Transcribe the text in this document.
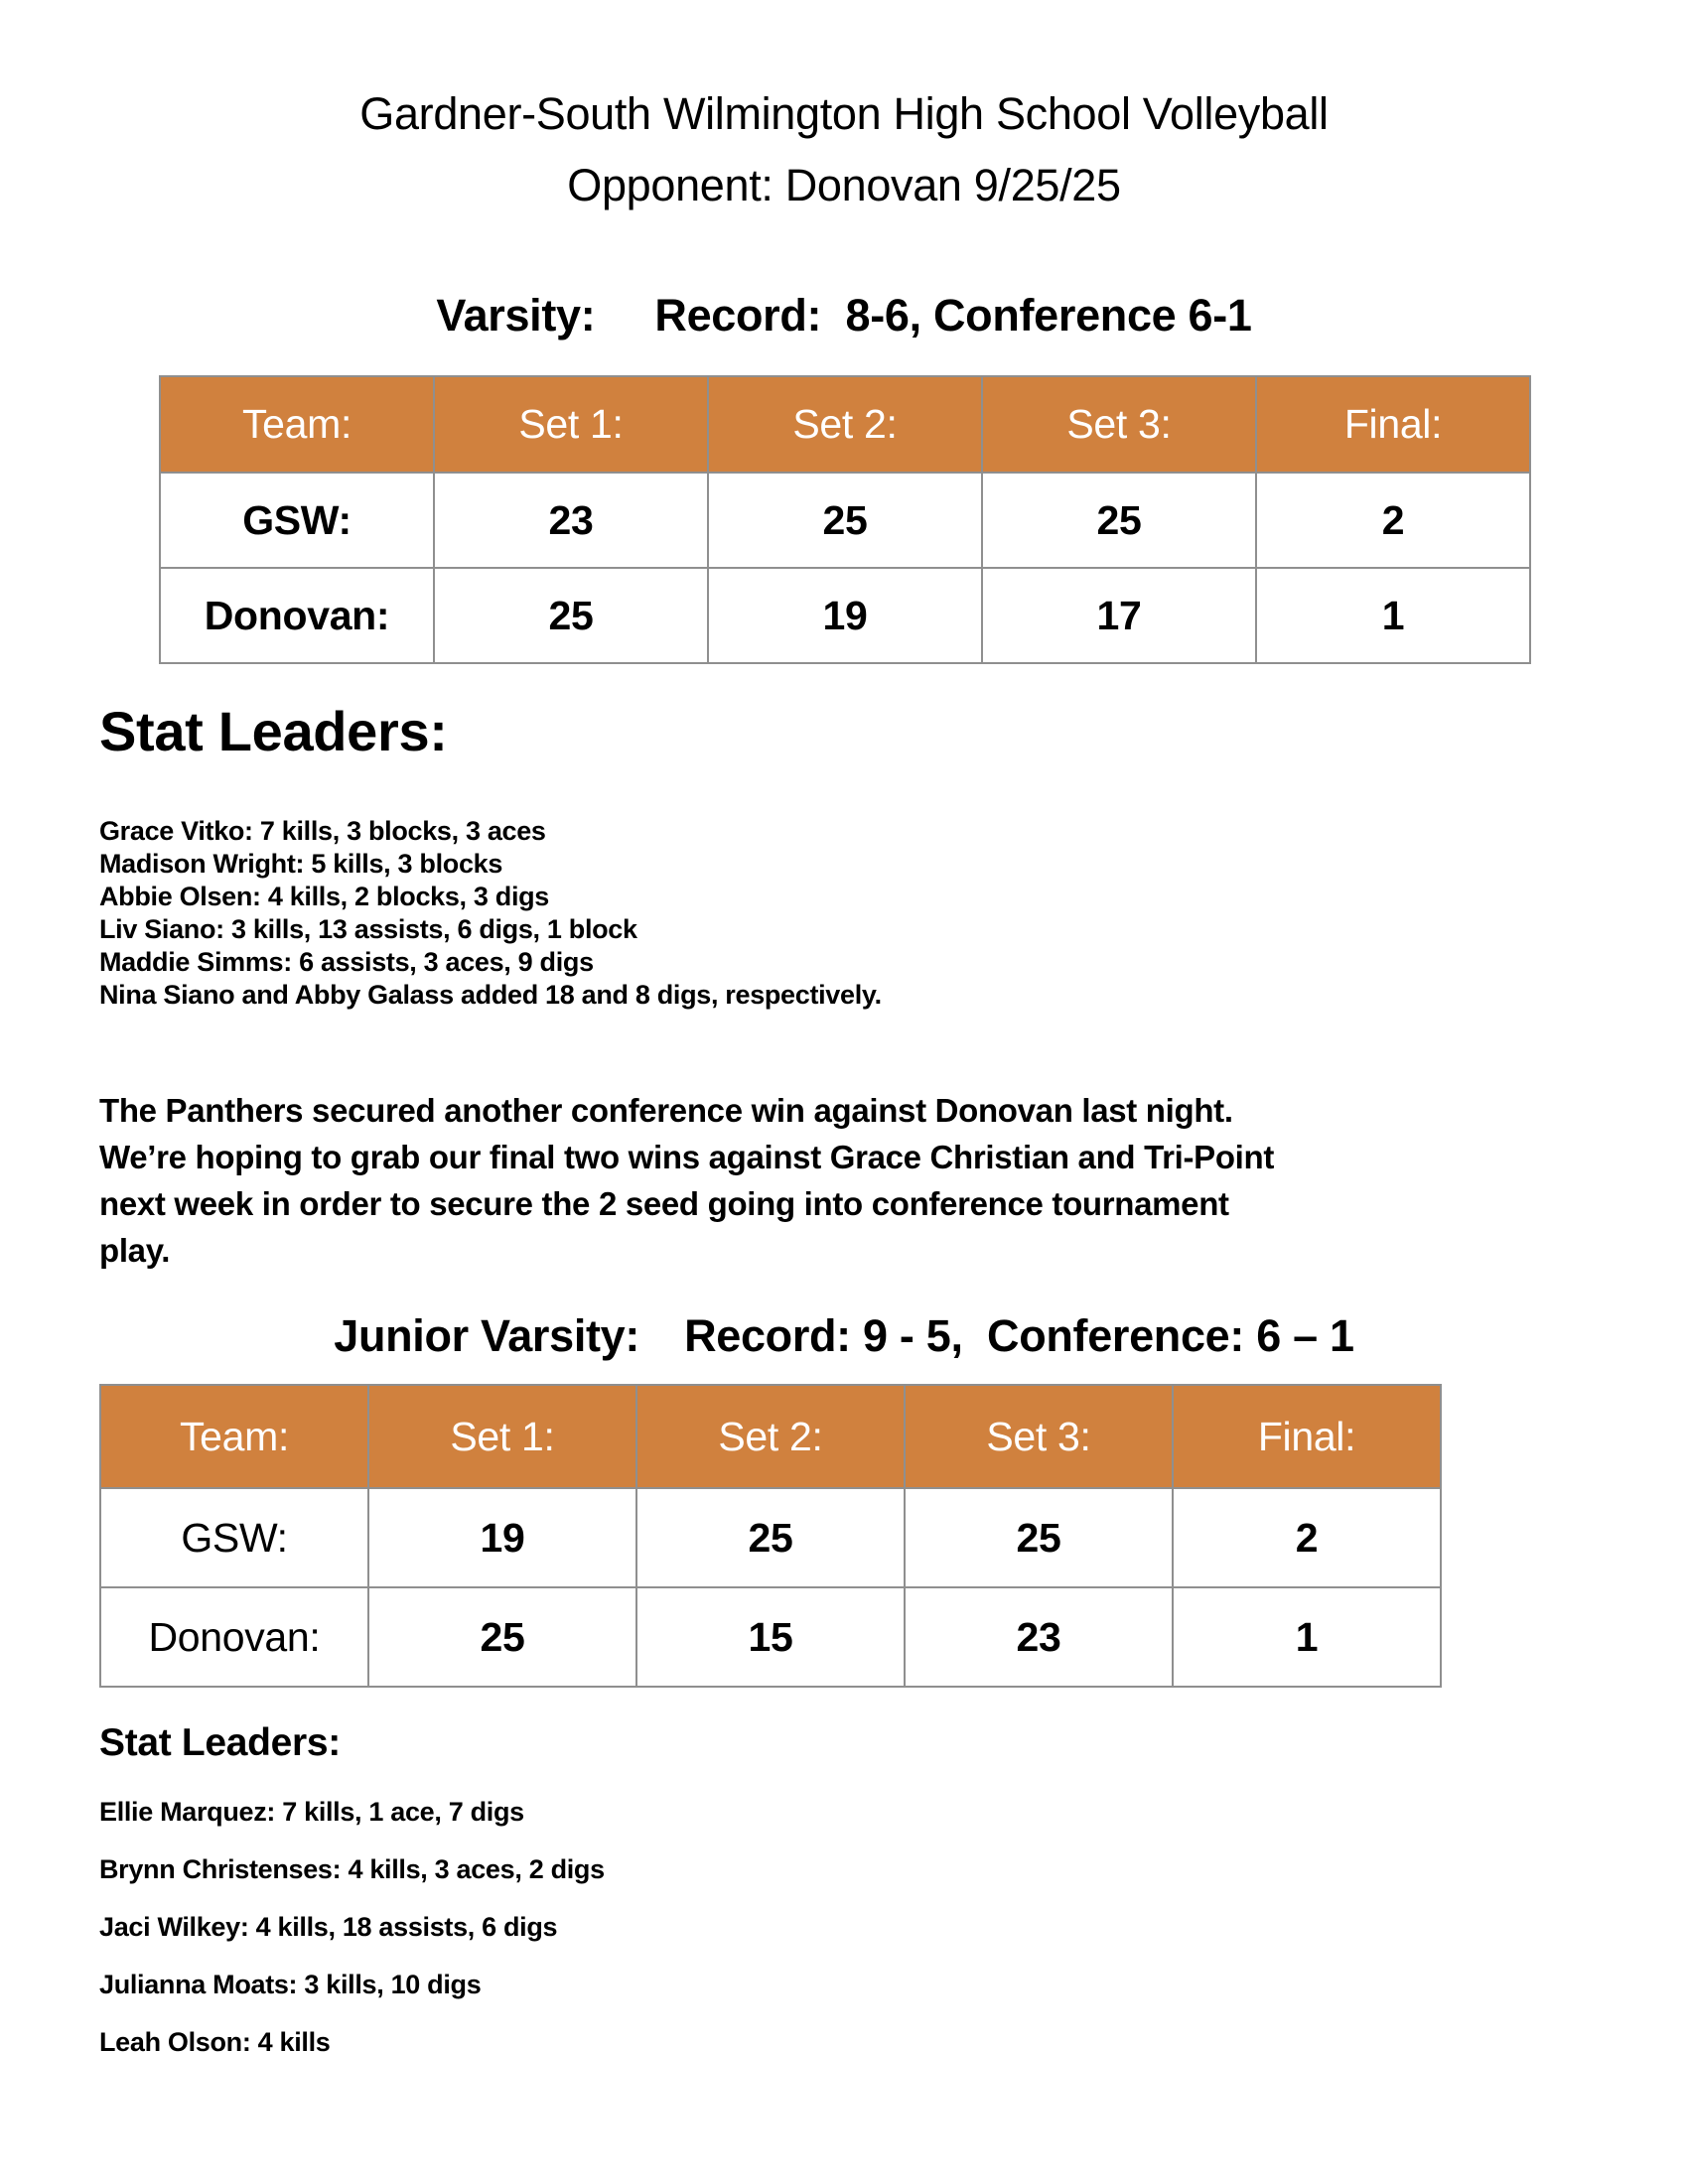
Gardner-South Wilmington High School Volleyball
Opponent: Donovan 9/25/25
Varsity: Record:  8-6, Conference 6-1
Team:	Set 1:	Set 2:	Set 3:	Final:
GSW:	23	25	25	2
Donovan:	25	19	17	1
Stat Leaders:
Grace Vitko: 7 kills, 3 blocks, 3 aces
Madison Wright: 5 kills, 3 blocks
Abbie Olsen: 4 kills, 2 blocks, 3 digs
Liv Siano: 3 kills, 13 assists, 6 digs, 1 block
Maddie Simms: 6 assists, 3 aces, 9 digs
Nina Siano and Abby Galass added 18 and 8 digs, respectively.
The Panthers secured another conference win against Donovan last night.
We’re hoping to grab our final two wins against Grace Christian and Tri-Point
next week in order to secure the 2 seed going into conference tournament
play.
Junior Varsity: Record: 9 - 5,  Conference: 6 – 1
Team:	Set 1:	Set 2:	Set 3:	Final:
GSW:	19	25	25	2
Donovan:	25	15	23	1
Stat Leaders:
Ellie Marquez: 7 kills, 1 ace, 7 digs
Brynn Christenses: 4 kills, 3 aces, 2 digs
Jaci Wilkey: 4 kills, 18 assists, 6 digs
Julianna Moats: 3 kills, 10 digs
Leah Olson: 4 kills
